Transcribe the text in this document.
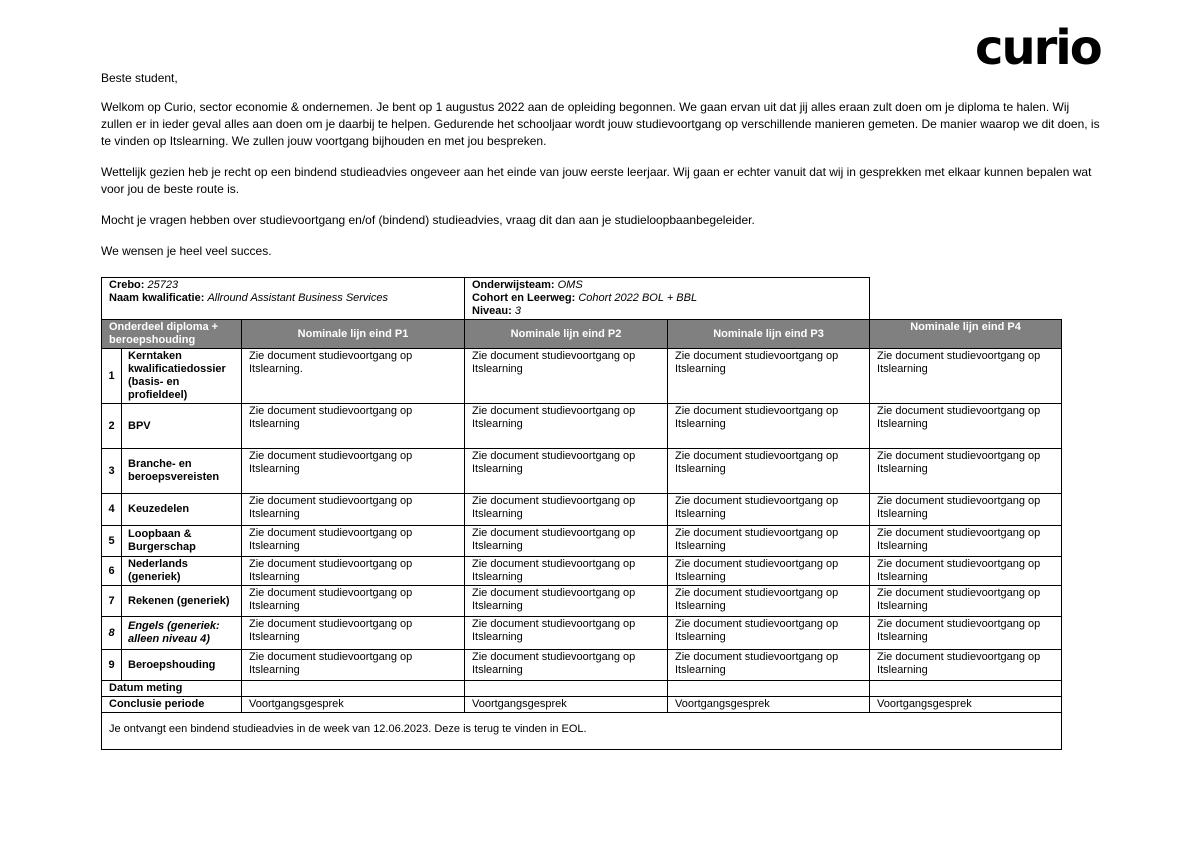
curio

Beste student,

Welkom op Curio, sector economie & ondernemen. Je bent op 1 augustus 2022 aan de opleiding begonnen. We gaan ervan uit dat jij alles eraan zult doen om je diploma te halen. Wij zullen er in ieder geval alles aan doen om je daarbij te helpen. Gedurende het schooljaar wordt jouw studievoortgang op verschillende manieren gemeten. De manier waarop we dit doen, is te vinden op Itslearning. We zullen jouw voortgang bijhouden en met jou bespreken.

Wettelijk gezien heb je recht op een bindend studieadvies ongeveer aan het einde van jouw eerste leerjaar. Wij gaan er echter vanuit dat wij in gesprekken met elkaar kunnen bepalen wat voor jou de beste route is.

Mocht je vragen hebben over studievoortgang en/of (bindend) studieadvies, vraag dit dan aan je studieloopbaanbegeleider.

We wensen je heel veel succes.

Crebo: 25723
Naam kwalificatie: Allround Assistant Business Services			Onderwijsteam: OMS
Cohort en Leerweg: Cohort 2022 BOL + BBL
Niveau: 3		
Onderdeel diploma + beroepshouding		Nominale lijn eind P1	Nominale lijn eind P2	Nominale lijn eind P3	Nominale lijn eind P4
1	Kerntaken kwalificatiedossier (basis- en profieldeel)	Zie document studievoortgang op Itslearning.	Zie document studievoortgang op Itslearning	Zie document studievoortgang op Itslearning	Zie document studievoortgang op Itslearning
2	BPV	Zie document studievoortgang op Itslearning	Zie document studievoortgang op Itslearning	Zie document studievoortgang op Itslearning	Zie document studievoortgang op Itslearning
3	Branche- en beroepsvereisten	Zie document studievoortgang op Itslearning	Zie document studievoortgang op Itslearning	Zie document studievoortgang op Itslearning	Zie document studievoortgang op Itslearning
4	Keuzedelen	Zie document studievoortgang op Itslearning	Zie document studievoortgang op Itslearning	Zie document studievoortgang op Itslearning	Zie document studievoortgang op Itslearning
5	Loopbaan & Burgerschap	Zie document studievoortgang op Itslearning	Zie document studievoortgang op Itslearning	Zie document studievoortgang op Itslearning	Zie document studievoortgang op Itslearning
6	Nederlands (generiek)	Zie document studievoortgang op Itslearning	Zie document studievoortgang op Itslearning	Zie document studievoortgang op Itslearning	Zie document studievoortgang op Itslearning
7	Rekenen (generiek)	Zie document studievoortgang op Itslearning	Zie document studievoortgang op Itslearning	Zie document studievoortgang op Itslearning	Zie document studievoortgang op Itslearning
8	Engels (generiek: alleen niveau 4)	Zie document studievoortgang op Itslearning	Zie document studievoortgang op Itslearning	Zie document studievoortgang op Itslearning	Zie document studievoortgang op Itslearning
9	Beroepshouding	Zie document studievoortgang op Itslearning	Zie document studievoortgang op Itslearning	Zie document studievoortgang op Itslearning	Zie document studievoortgang op Itslearning
Datum meting					
Conclusie periode		Voortgangsgesprek	Voortgangsgesprek	Voortgangsgesprek	Voortgangsgesprek
Je ontvangt een bindend studieadvies in de week van 12.06.2023. Deze is terug te vinden in EOL.					
